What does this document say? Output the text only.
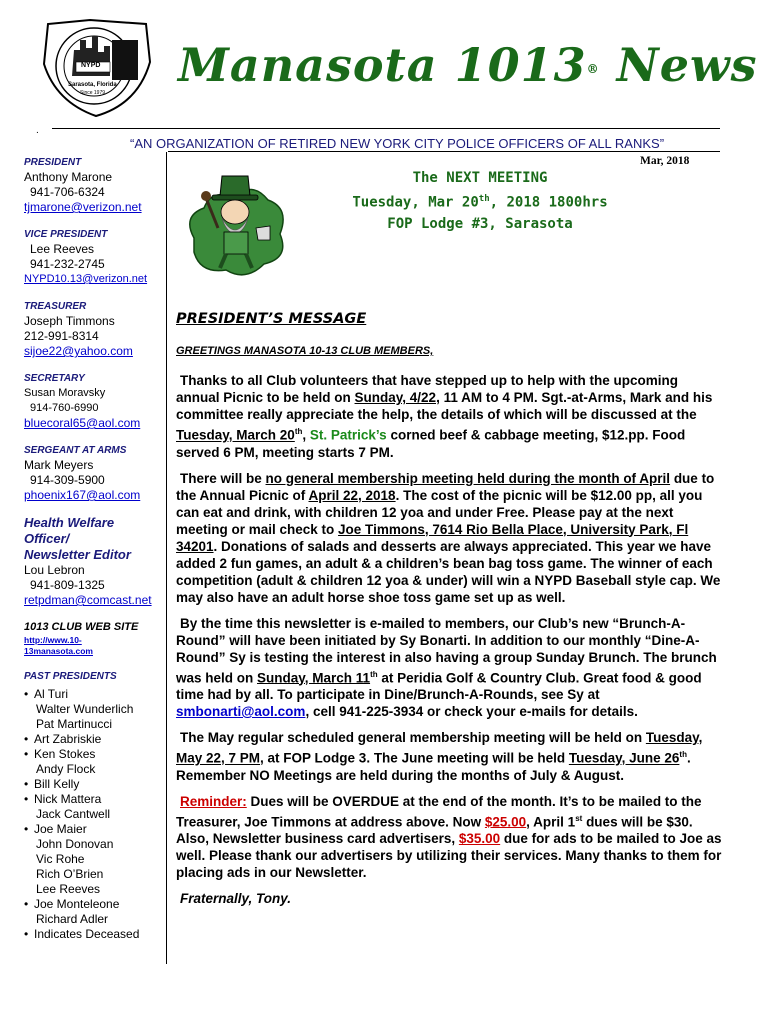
NYPD
Sarasota, Florida
Since 1979
Manasota 1013® News
.
“AN ORGANIZATION OF RETIRED NEW YORK CITY POLICE OFFICERS OF ALL RANKS”
Mar, 2018
PRESIDENT
Anthony Marone
941-706-6324
tjmarone@verizon.net
VICE PRESIDENT
Lee Reeves
941-232-2745
NYPD10.13@verizon.net
TREASURER
Joseph Timmons
212-991-8314
sijoe22@yahoo.com
SECRETARY
Susan Moravsky
914-760-6990
bluecoral65@aol.com
SERGEANT AT ARMS
Mark Meyers
914-309-5900
phoenix167@aol.com
Health Welfare
Officer/
Newsletter Editor
Lou Lebron
941-809-1325
retpdman@comcast.net
1013 CLUB WEB SITE
http://www.10-
13manasota.com
PAST PRESIDENTS
• Al Turi
Walter Wunderlich
Pat Martinucci
• Art Zabriskie
• Ken Stokes
Andy Flock
• Bill Kelly
• Nick Mattera
Jack Cantwell
• Joe Maier
John Donovan
Vic Rohe
Rich O’Brien
Lee Reeves
• Joe Monteleone
Richard Adler
• Indicates Deceased
The NEXT MEETING
Tuesday, Mar 20th, 2018 1800hrs
FOP Lodge #3, Sarasota
PRESIDENT’S MESSAGE
GREETINGS MANASOTA 10-13 CLUB MEMBERS,

Thanks to all Club volunteers that have stepped up to help with the upcoming annual Picnic to be held on Sunday, 4/22, 11 AM to 4 PM. Sgt.-at-Arms, Mark and his committee really appreciate the help, the details of which will be discussed at the Tuesday, March 20th, St. Patrick’s corned beef & cabbage meeting, $12.pp. Food served 6 PM, meeting starts 7 PM.

There will be no general membership meeting held during the month of April due to the Annual Picnic of April 22, 2018. The cost of the picnic will be $12.00 pp, all you can eat and drink, with children 12 yoa and under Free. Please pay at the next meeting or mail check to Joe Timmons, 7614 Rio Bella Place, University Park, Fl 34201. Donations of salads and desserts are always appreciated. This year we have added 2 fun games, an adult & a children’s bean bag toss game. The winner of each competition (adult & children 12 yoa & under) will win a NYPD Baseball style cap. We may also have an adult horse shoe toss game set up as well.

By the time this newsletter is e-mailed to members, our Club’s new “Brunch-A-Round” will have been initiated by Sy Bonarti. In addition to our monthly “Dine-A-Round” Sy is testing the interest in also having a group Sunday Brunch. The brunch was held on Sunday, March 11th at Peridia Golf & Country Club. Great food & good time had by all. To participate in Dine/Brunch-A-Rounds, see Sy at smbonarti@aol.com, cell 941-225-3934 or check your e-mails for details.

The May regular scheduled general membership meeting will be held on Tuesday, May 22, 7 PM, at FOP Lodge 3. The June meeting will be held Tuesday, June 26th. Remember NO Meetings are held during the months of July & August.

Reminder: Dues will be OVERDUE at the end of the month. It’s to be mailed to the Treasurer, Joe Timmons at address above. Now $25.00, April 1st dues will be $30. Also, Newsletter business card advertisers, $35.00 due for ads to be mailed to Joe as well. Please thank our advertisers by utilizing their services. Many thanks to them for placing ads in our Newsletter.

Fraternally, Tony.
